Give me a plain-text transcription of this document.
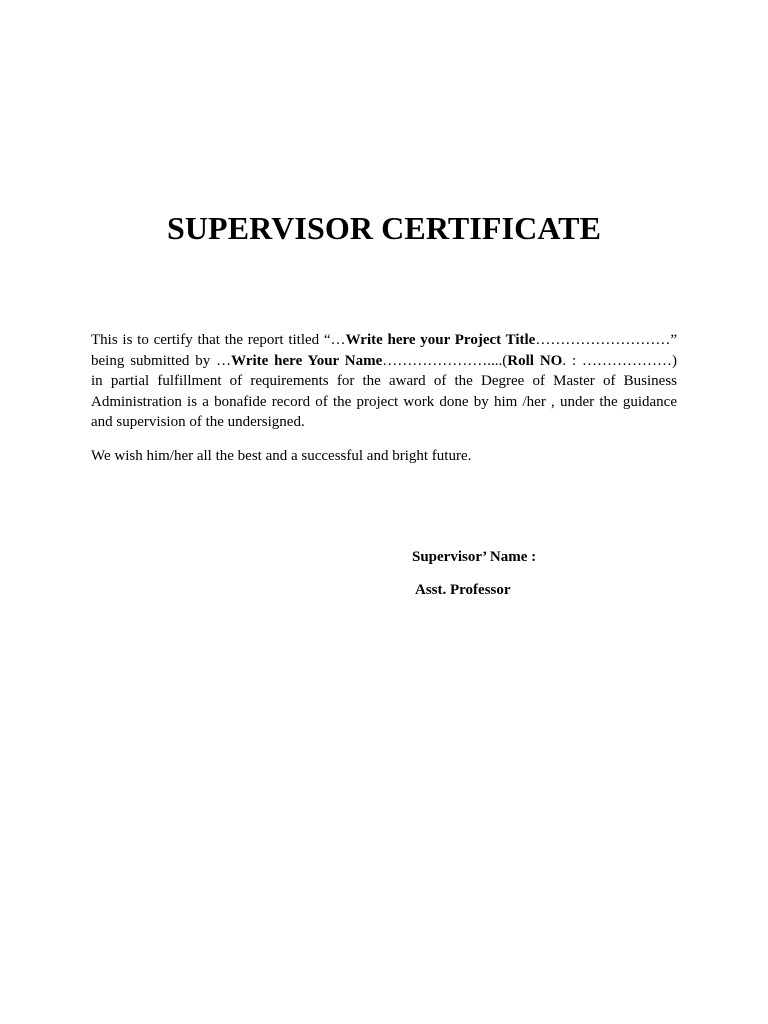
SUPERVISOR CERTIFICATE

This is to certify that the report titled “…Write here your Project Title………………………”
being submitted by …Write here Your Name…………………....(Roll NO. : ………………)
in partial fulfillment of requirements for the award of the Degree of Master of Business
Administration is a bonafide record of the project work done by him /her , under the guidance
and supervision of the undersigned.

We wish him/her all the best and a successful and bright future.

Supervisor’ Name :

Asst. Professor
